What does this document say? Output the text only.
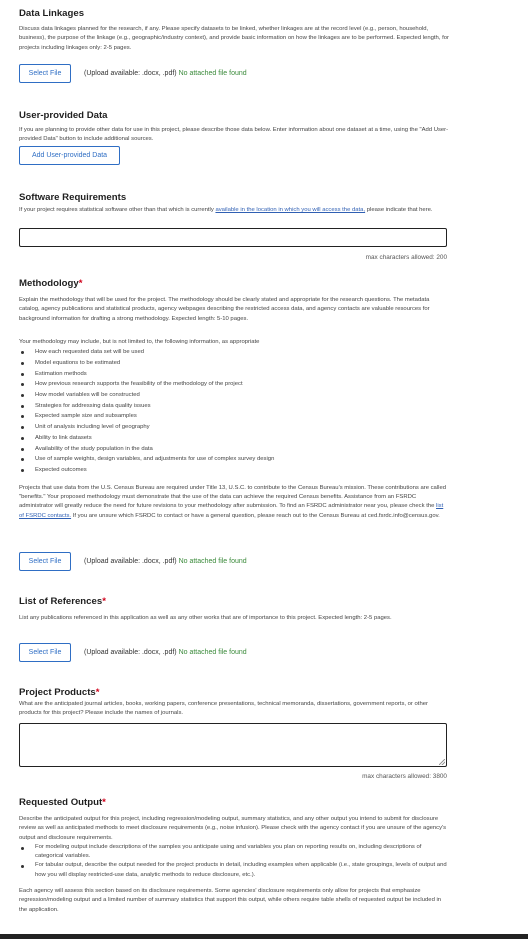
Data Linkages

Discuss data linkages planned for the research, if any. Please specify datasets to be linked, whether linkages are at the record level (e.g., person, household, business), the purpose of the linkage (e.g., geographic/industry context), and provide basic information on how the linkages are to be performed. Expected length, for projects including linkages only: 2-5 pages.

Select File	(Upload available: .docx, .pdf) No attached file found
User-provided Data

If you are planning to provide other data for use in this project, please describe those data below. Enter information about one dataset at a time, using the "Add User-provided Data" button to include additional sources.

Add User-provided Data
Software Requirements

If your project requires statistical software other than that which is currently available in the location in which you will access the data, please indicate that here.

max characters allowed: 200
Methodology*

Explain the methodology that will be used for the project. The methodology should be clearly stated and appropriate for the research questions. The metadata catalog, agency publications and statistical products, agency webpages describing the restricted access data, and agency contacts are valuable resources for background information for drafting a strong methodology. Expected length: 5-10 pages.

Your methodology may include, but is not limited to, the following information, as appropriate

How each requested data set will be used
Model equations to be estimated
Estimation methods
How previous research supports the feasibility of the methodology of the project
How model variables will be constructed
Strategies for addressing data quality issues
Expected sample size and subsamples
Unit of analysis including level of geography
Ability to link datasets
Availability of the study population in the data
Use of sample weights, design variables, and adjustments for use of complex survey design
Expected outcomes

Projects that use data from the U.S. Census Bureau are required under Title 13, U.S.C. to contribute to the Census Bureau's mission. These contributions are called "benefits." Your proposed methodology must demonstrate that the use of the data can achieve the required Census benefits. Assistance from an FSRDC administrator will greatly reduce the need for future revisions to your methodology after submission. To find an FSRDC administrator near you, please check the list of FSRDC contacts. If you are unsure which FSRDC to contact or have a general question, please reach out to the Census Bureau at ced.fsrdc.info@census.gov.

Select File	(Upload available: .docx, .pdf) No attached file found
List of References*

List any publications referenced in this application as well as any other works that are of importance to this project. Expected length: 2-5 pages.

Select File	(Upload available: .docx, .pdf) No attached file found
Project Products*

What are the anticipated journal articles, books, working papers, conference presentations, technical memoranda, dissertations, government reports, or other products for this project? Please include the names of journals.

max characters allowed: 3800
Requested Output*

Describe the anticipated output for this project, including regression/modeling output, summary statistics, and any other output you intend to submit for disclosure review as well as anticipated methods to meet disclosure requirements (e.g., noise infusion). Please check with the agency contact if you are unsure of the agency's output and disclosure requirements.

For modeling output include descriptions of the samples you anticipate using and variables you plan on reporting results on, including descriptions of categorical variables.
For tabular output, describe the output needed for the project products in detail, including examples when applicable (i.e., state groupings, levels of output and how you will display restricted-use data, analytic methods to reduce disclosure, etc.).

Each agency will assess this section based on its disclosure requirements. Some agencies' disclosure requirements only allow for projects that emphasize regression/modeling output and a limited number of summary statistics that support this output, while others require table shells of requested output be included in the application.
